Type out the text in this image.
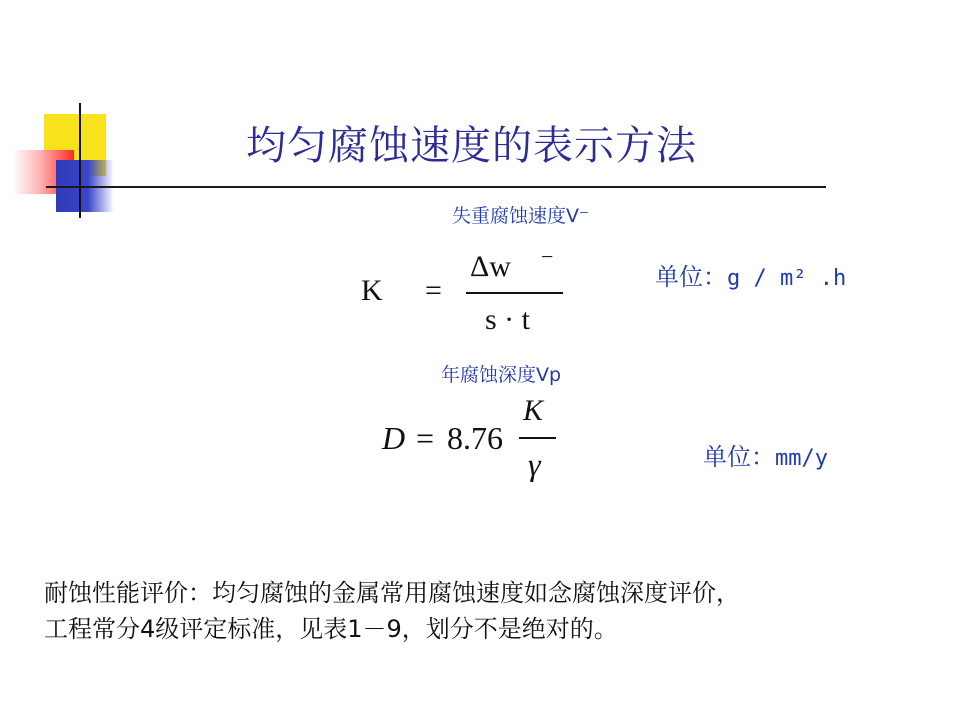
均匀腐蚀速度的表示方法
失重腐蚀速度V⁻
K =
Δw −
s · t
单位：g / m² .h
年腐蚀深度Vp
D = 8.76
K
γ	单位：mm/y
耐蚀性能评价：均匀腐蚀的金属常用腐蚀速度如念腐蚀深度评价，
工程常分4级评定标准，见表1－9，划分不是绝对的。
